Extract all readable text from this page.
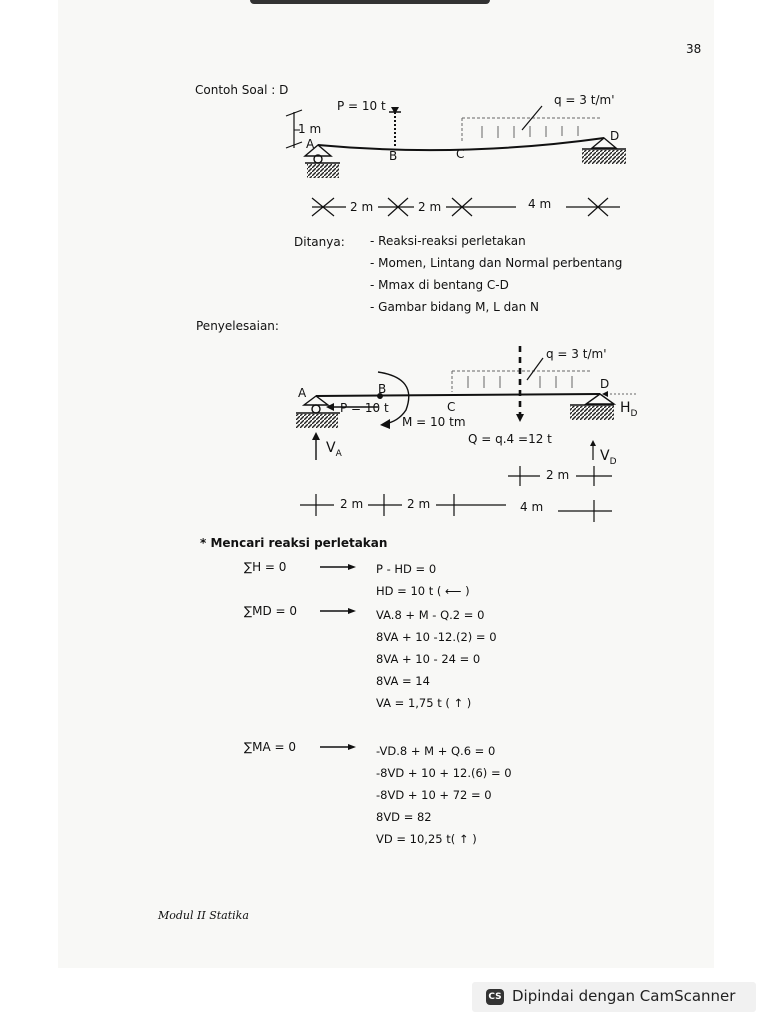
38
Contoh Soal : D
P = 10 t	q = 3 t/m'
1 m
A
B	C
D
2 m	2 m	4 m
Ditanya: - Reaksi-reaksi perletakan
- Momen, Lintang dan Normal perbentang
- Mmax di bentang C-D
- Gambar bidang M, L dan N
Penyelesaian:
q = 3 t/m'
A	B
C
D
P = 10 t
M = 10 tm
Q = q.4 =12 t
$H_D$
$V_A$	$V_D$
2 m
2 m	2 m	4 m
* Mencari reaksi perletakan
∑H = 0
∑MD = 0
∑MA = 0
P - HD = 0
HD = 10 t ( ⟵ )
VA.8 + M - Q.2 = 0
8VA + 10 -12.(2) = 0
8VA + 10 - 24 = 0
8VA = 14
VA = 1,75 t ( ↑ )
-VD.8 + M + Q.6 = 0
-8VD + 10 + 12.(6) = 0
-8VD + 10 + 72 = 0
8VD = 82
VD = 10,25 t( ↑ )
Modul II Statika
CS Dipindai dengan CamScanner
